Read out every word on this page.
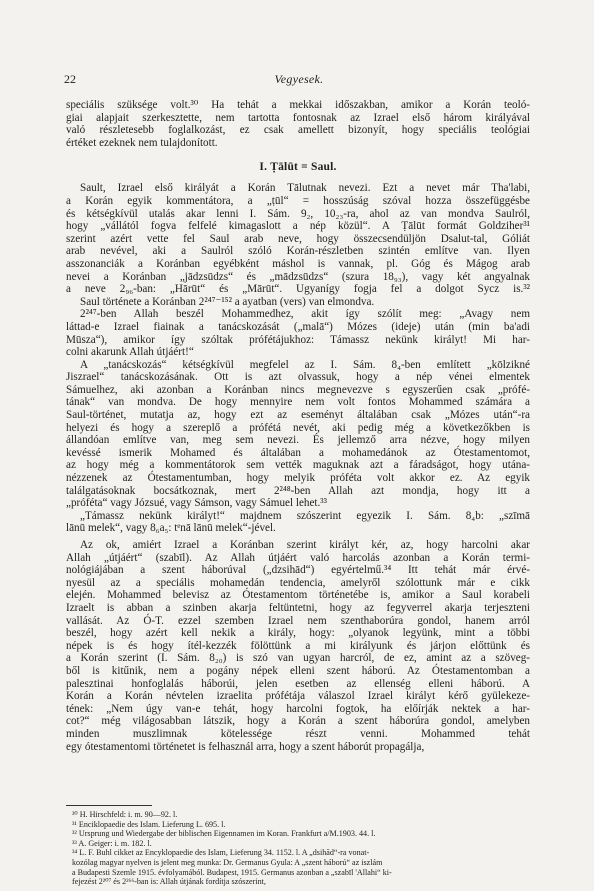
22	Vegyesek.

speciális szüksége volt.³⁰ Ha tehát a mekkai időszakban, amikor a Korán teoló-
giai alapjait szerkesztette, nem tartotta fontosnak az Izrael első három királyával
való részletesebb foglalkozást, ez csak amellett bizonyít, hogy speciális teológiai
értéket ezeknek nem tulajdonított.

I. Ṭālūt = Saul.

Sault, Izrael első királyát a Korán Tālutnak nevezi. Ezt a nevet már Tha'labi,
a Korán egyik kommentátora, a „ṭūl“ = hosszúság szóval hozza összefüggésbe
és kétségkívül utalás akar lenni I. Sám. 9₂, 10₂₃-ra, ahol az van mondva Saulról,
hogy „vállától fogva felfelé kimagaslott a nép közül“. A Ṭālūt formát Goldziher³¹
szerint azért vette fel Saul arab neve, hogy összecsendüljön Dsalut-tal, Góliát
arab nevével, aki a Saulról szóló Korán-részletben szintén említve van. Ilyen
asszonanciák a Koránban egyébként máshol is vannak, pl. Góg és Mágog arab
nevei a Koránban „jādzsūdzs“ és „mādzsūdzs“ (szura 18₉₃), vagy két angyalnak
a neve 2₉₆-ban: „Hārūt“ és „Mārūt“. Ugyanígy fogja fel a dolgot Sycz is.³²
Saul története a Koránban 2²⁴⁷⁻¹⁵² a ayatban (vers) van elmondva.

2²⁴⁷-ben Allah beszél Mohammedhez, akit így szólít meg: „Avagy nem
láttad-e Izrael fiainak a tanácskozását („malā“) Mózes (ideje) után (min ba'adi
Mūsza“), amikor így szóltak prófétájukhoz: Támassz nekünk királyt! Mi har-
colni akarunk Allah útjáért!“

A „tanácskozás“ kétségkívül megfelel az I. Sám. 8₄-ben említett „kōlzikné
Jiszrael“ tanácskozásának. Ott is azt olvassuk, hogy a nép vénei elmentek
Sámuelhez, aki azonban a Koránban nincs megnevezve s egyszerűen csak „prófé-
tának“ van mondva. De hogy mennyire nem volt fontos Mohammed számára a
Saul-történet, mutatja az, hogy ezt az eseményt általában csak „Mózes után“-ra
helyezi és hogy a szereplő a prófétá nevét, aki pedig még a következőkben is
állandóan említve van, meg sem nevezi. És jellemző arra nézve, hogy milyen
kevéssé ismerik Mohamed és általában a mohamedánok az Ótestamentomot,
az hogy még a kommentátorok sem vették maguknak azt a fáradságot, hogy utána-
nézzenek az Ótestamentumban, hogy melyik próféta volt akkor ez. Az egyik
találgatásoknak bocsátkoznak, mert 2²⁴⁸-ben Allah azt mondja, hogy itt a
„próféta“ vagy Józsué, vagy Sámson, vagy Sámuel lehet.³³

„Támassz nekünk királyt!“ majdnem szószerint egyezik I. Sám. 8₄b: „szīmā
lānū melek“, vagy 8₆a₅: tᵉnā lānū melek“-jével.

Az ok, amiért Izrael a Koránban szerint királyt kér, az, hogy harcolni akar
Allah „útjáért“ (szabīl). Az Allah útjáért való harcolás azonban a Korán termi-
nológiájában a szent háborúval („dzsihād“) egyértelmű.³⁴ Itt tehát már érvé-
nyesül az a speciális mohamedán tendencia, amelyről szólottunk már e cikk
elején. Mohammed belevisz az Ótestamentom történetébe is, amikor a Saul korabeli
Izraelt is abban a szinben akarja feltüntetni, hogy az fegyverrel akarja terjeszteni
vallását. Az Ó-T. ezzel szemben Izrael nem szenthaborúra gondol, hanem arról
beszél, hogy azért kell nekik a király, hogy: „olyanok legyünk, mint a többi
népek is és hogy ítél-kezzék fölöttünk a mi királyunk és járjon előttünk és
a Korán szerint (I. Sám. 8₂₀) is szó van ugyan harcról, de ez, amint az a szöveg-
ből is kitűnik, nem a pogány népek elleni szent háború. Az Ótestamentomban a
palesztinai honfoglalás háborúi, jelen esetben az ellenség elleni háború. A
Korán a Korán névtelen izraelita prófétája válaszol Izrael királyt kérő gyülekeze-
tének: „Nem úgy van-e tehát, hogy harcolni fogtok, ha előírják nektek a har-
cot?“ még világosabban látszik, hogy a Korán a szent háborúra gondol, amelyben
minden muszlimnak kötelessége részt venni. Mohammed tehát
egy ótestamentomi történetet is felhasznál arra, hogy a szent háborút propagálja,

³⁰ H. Hirschfeld: i. m. 90—92. l.
³¹ Enciklopaedie des Islam. Lieferung L. 695. l.
³² Ursprung und Wiedergabe der biblischen Eigennamen im Koran. Frankfurt a/M.1903. 44. l.
³³ A. Geiger: i. m. 182. l.
³⁴ L. F. Buhl cikket az Encyklopaedie des Islam, Lieferung 34. 1152. l. A „dsihād“-ra vonat-
kozólag magyar nyelven is jelent meg munka: Dr. Germanus Gyula: A „szent háború“ az iszlám
a Budapesti Szemle 1915. évfolyamából. Budapest, 1915. Germanus azonban a „szabīl 'Allahi“ ki-
fejezést 2²⁰⁷ és 2²⁶⁶-ban is: Allah útjának fordítja szószerint,
